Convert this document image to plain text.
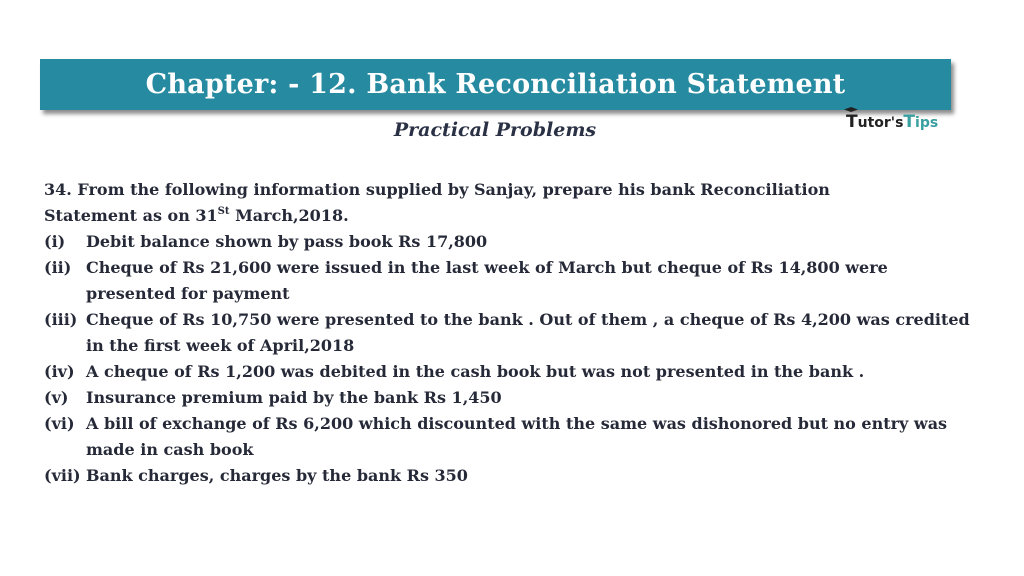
Chapter: - 12. Bank Reconciliation Statement
Practical Problems	Tutor'sTips
34. From the following information supplied by Sanjay, prepare his bank Reconciliation
Statement as on 31St March,2018.
(i)	Debit balance shown by pass book Rs 17,800
(ii) Cheque of Rs 21,600 were issued in the last week of March but cheque of Rs 14,800 were presented for payment
(iii) Cheque of Rs 10,750 were presented to the bank . Out of them , a cheque of Rs 4,200 was credited in the first week of April,2018
(iv) A cheque of Rs 1,200 was debited in the cash book but was not presented in the bank .
(v)	Insurance premium paid by the bank Rs 1,450
(vi) A bill of exchange of Rs 6,200 which discounted with the same was dishonored but no entry was made in cash book
(vii) Bank charges, charges by the bank Rs 350
